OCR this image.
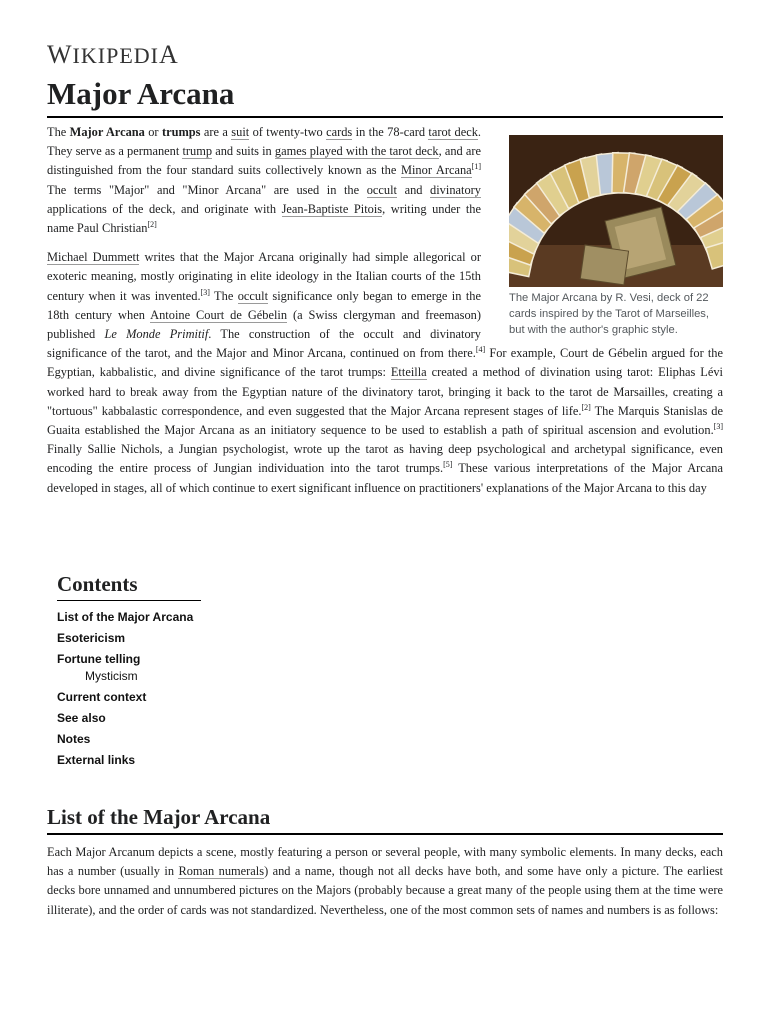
WIKIPEDIA
Major Arcana
The Major Arcana by R. Vesi, deck of 22 cards inspired by the Tarot of Marseilles, but with the author's graphic style.

The Major Arcana or trumps are a suit of twenty-two cards in the 78-card tarot deck. They serve as a permanent trump and suits in games played with the tarot deck, and are distinguished from the four standard suits collectively known as the Minor Arcana[1] The terms "Major" and "Minor Arcana" are used in the occult and divinatory applications of the deck, and originate with Jean-Baptiste Pitois, writing under the name Paul Christian[2]

Michael Dummett writes that the Major Arcana originally had simple allegorical or exoteric meaning, mostly originating in elite ideology in the Italian courts of the 15th century when it was invented.[3] The occult significance only began to emerge in the 18th century when Antoine Court de Gébelin (a Swiss clergyman and freemason) published Le Monde Primitif. The construction of the occult and divinatory significance of the tarot, and the Major and Minor Arcana, continued on from there.[4] For example, Court de Gébelin argued for the Egyptian, kabbalistic, and divine significance of the tarot trumps: Etteilla created a method of divination using tarot: Eliphas Lévi worked hard to break away from the Egyptian nature of the divinatory tarot, bringing it back to the tarot de Marsailles, creating a "tortuous" kabbalastic correspondence, and even suggested that the Major Arcana represent stages of life.[2] The Marquis Stanislas de Guaita established the Major Arcana as an initiatory sequence to be used to establish a path of spiritual ascension and evolution.[3] Finally Sallie Nichols, a Jungian psychologist, wrote up the tarot as having deep psychological and archetypal significance, even encoding the entire process of Jungian individuation into the tarot trumps.[5] These various interpretations of the Major Arcana developed in stages, all of which continue to exert significant influence on practitioners' explanations of the Major Arcana to this day

Contents
List of the Major Arcana
Esotericism
Fortune telling
Mysticism
Current context
See also
Notes
External links
List of the Major Arcana

Each Major Arcanum depicts a scene, mostly featuring a person or several people, with many symbolic elements. In many decks, each has a number (usually in Roman numerals) and a name, though not all decks have both, and some have only a picture. The earliest decks bore unnamed and unnumbered pictures on the Majors (probably because a great many of the people using them at the time were illiterate), and the order of cards was not standardized. Nevertheless, one of the most common sets of names and numbers is as follows:
